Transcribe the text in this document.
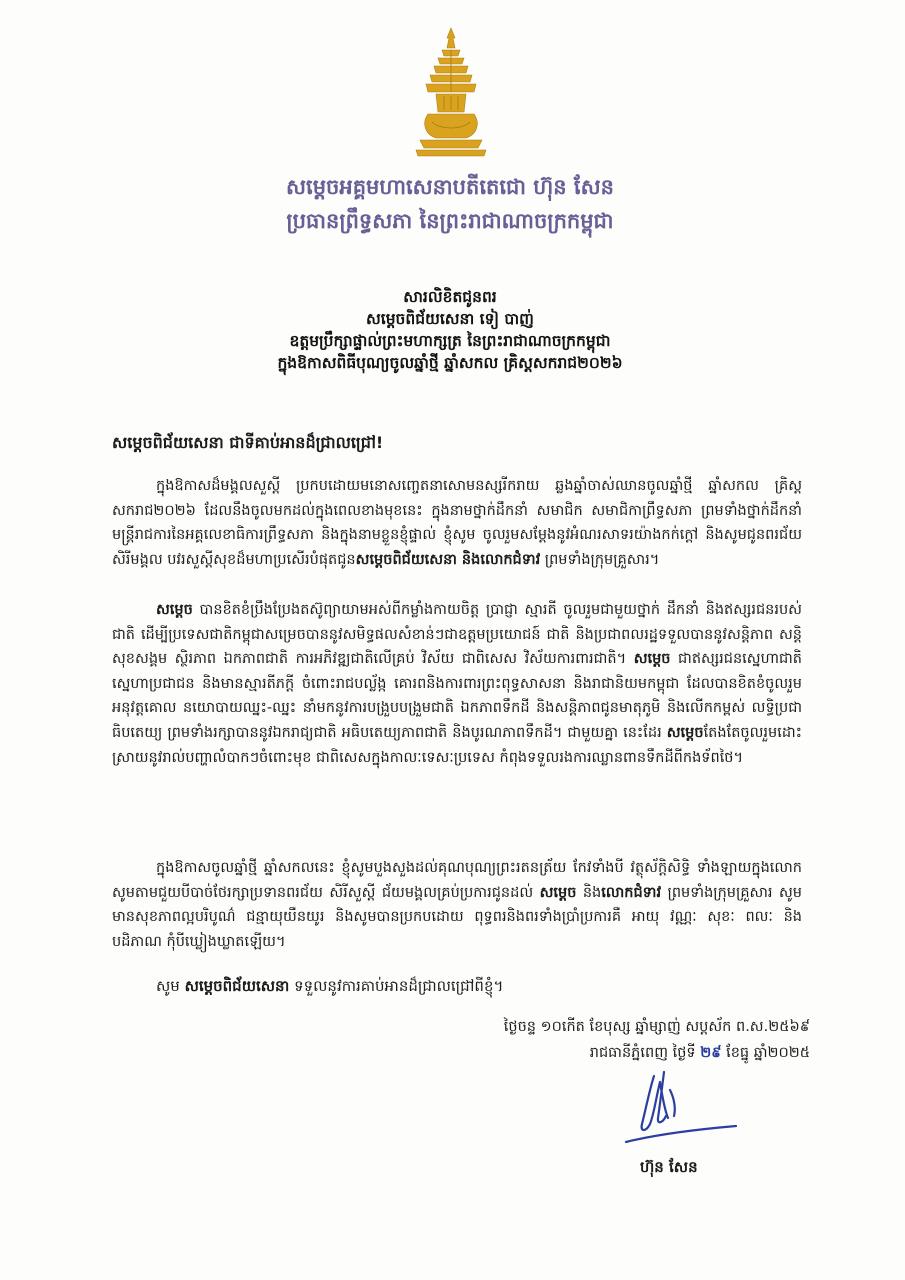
សម្ដេចអគ្គមហាសេនាបតីតេជោ ហ៊ុន សែន
ប្រធានព្រឹទ្ធសភា នៃព្រះរាជាណាចក្រកម្ពុជា
សារលិខិតជូនពរ
សម្ដេចពិជ័យសេនា ទៀ បាញ់
ឧត្ដមប្រឹក្សាផ្ទាល់ព្រះមហាក្សត្រ នៃព្រះរាជាណាចក្រកម្ពុជា
ក្នុងឱកាសពិធីបុណ្យចូលឆ្នាំថ្មី ឆ្នាំសកល គ្រិស្ដសករាជ២០២៦
សម្ដេចពិជ័យសេនា ជាទីគាប់អានដ៏ជ្រាលជ្រៅ!

ក្នុងឱកាសដ៏មង្គលសួស្ដី ប្រកបដោយមនោសញ្ចេតនាសោមនស្សរីករាយ ឆ្លងឆ្នាំចាស់ឈានចូលឆ្នាំថ្មី ឆ្នាំសកល គ្រិស្ដសករាជ២០២៦ ដែលនឹងចូលមកដល់ក្នុងពេលខាងមុខនេះ ក្នុងនាមថ្នាក់ដឹកនាំ សមាជិក សមាជិកាព្រឹទ្ធសភា ព្រមទាំងថ្នាក់ដឹកនាំ មន្ត្រីរាជការនៃអគ្គលេខាធិការព្រឹទ្ធសភា និងក្នុងនាមខ្លួនខ្ញុំផ្ទាល់ ខ្ញុំសូម ចូលរួមសម្ដែងនូវអំណរសាទរយ៉ាងកក់ក្ដៅ និងសូមជូនពរជ័យ សិរីមង្គល បវរសួស្ដីសុខដ៏មហាប្រសើរបំផុតជូនសម្ដេចពិជ័យសេនា និងលោកជំទាវ ព្រមទាំងក្រុមគ្រួសារ។

សម្ដេច បានខិតខំប្រឹងប្រែងតស៊ូព្យាយាមអស់ពីកម្លាំងកាយចិត្ត ប្រាជ្ញា ស្មារតី ចូលរួមជាមួយថ្នាក់ ដឹកនាំ និងឥស្សរជនរបស់ជាតិ ដើម្បីប្រទេសជាតិកម្ពុជាសម្រេចបាននូវសមិទ្ធផលសំខាន់ៗជាឧត្ដមប្រយោជន៍ ជាតិ និងប្រជាពលរដ្ឋទទួលបាននូវសន្តិភាព សន្តិសុខសង្គម ស្ថិរភាព ឯកភាពជាតិ ការអភិវឌ្ឍជាតិលើគ្រប់ វិស័យ ជាពិសេស វិស័យការពារជាតិ។ សម្ដេច ជាឥស្សរជនស្នេហាជាតិ ស្នេហាប្រជាជន និងមានស្មារតីភក្ដី ចំពោះរាជបល្ល័ង្ក គោរពនិងការពារព្រះពុទ្ធសាសនា និងរាជានិយមកម្ពុជា ដែលបានខិតខំចូលរួមអនុវត្តគោល នយោបាយឈ្នះ-ឈ្នះ នាំមកនូវការបង្រួបបង្រួមជាតិ ឯកភាពទឹកដី និងសន្តិភាពជូនមាតុភូមិ និងលើកកម្ពស់ លទ្ធិប្រជាធិបតេយ្យ ព្រមទាំងរក្សាបាននូវឯករាជ្យជាតិ អធិបតេយ្យភាពជាតិ និងបូរណភាពទឹកដី។ ជាមួយគ្នា នេះដែរ សម្ដេចតែងតែចូលរួមដោះស្រាយនូវរាល់បញ្ហាលំបាកៗចំពោះមុខ ជាពិសេសក្នុងកាលៈទេសៈប្រទេស កំពុងទទួលរងការឈ្លានពានទឹកដីពីកងទ័ពថៃ។

ក្នុងឱកាសចូលឆ្នាំថ្មី ឆ្នាំសកលនេះ ខ្ញុំសូមបួងសួងដល់គុណបុណ្យព្រះរតនត្រ័យ កែវទាំងបី វត្ថុស័ក្ដិសិទ្ធិ ទាំងឡាយក្នុងលោក សូមតាមជួយបីបាច់ថែរក្សាប្រទានពរជ័យ សិរីសួស្ដី ជ័យមង្គលគ្រប់ប្រការជូនដល់ សម្ដេច និងលោកជំទាវ ព្រមទាំងក្រុមគ្រួសារ សូមមានសុខភាពល្អបរិបូណ៌ ជន្មាយុយឺនយូរ និងសូមបានប្រកបដោយ ពុទ្ធពរនិងពរទាំងប្រាំប្រការគឺ អាយុ វណ្ណៈ សុខៈ ពលៈ និងបដិភាណ កុំបីឃ្លៀងឃ្លាតឡើយ។

សូម សម្ដេចពិជ័យសេនា ទទួលនូវការគាប់អានដ៏ជ្រាលជ្រៅពីខ្ញុំ។
ថ្ងៃចន្ទ ១០កើត ខែបុស្ស ឆ្នាំម្សាញ់ សប្ដស័ក ព.ស.២៥៦៩
រាជធានីភ្នំពេញ ថ្ងៃទី ២៩ ខែធ្នូ ឆ្នាំ២០២៥
ហ៊ុន សែន
